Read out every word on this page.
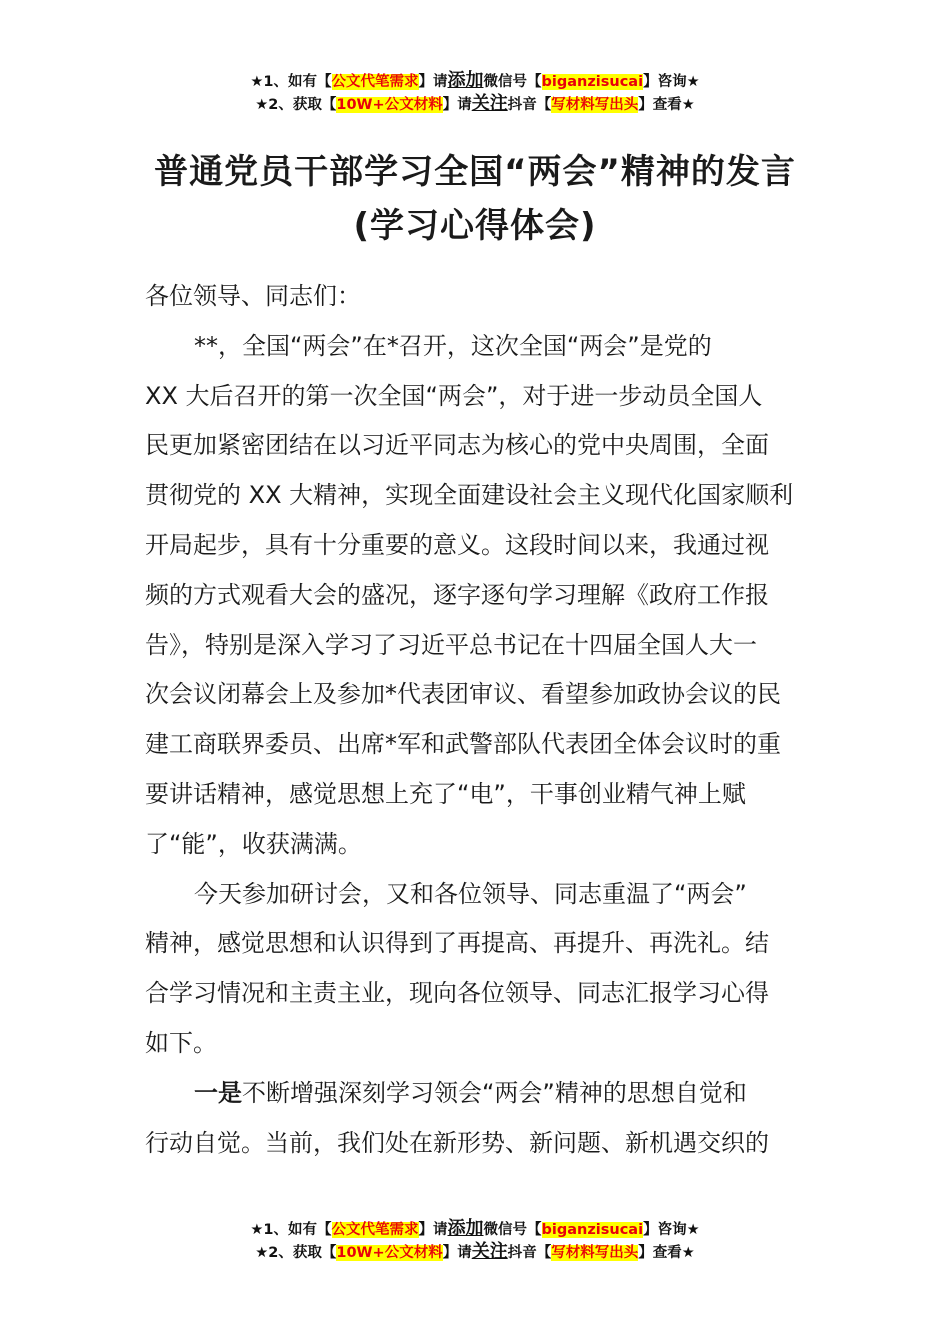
★1、如有【公文代笔需求】请添加微信号【biganzisucai】咨询★
★2、获取【10W+公文材料】请关注抖音【写材料写出头】查看★
普通党员干部学习全国“两会”精神的发言
(学习心得体会)
各位领导、同志们：
**，全国“两会”在*召开，这次全国“两会”是党的
XX 大后召开的第一次全国“两会”，对于进一步动员全国人
民更加紧密团结在以习近平同志为核心的党中央周围，全面
贯彻党的 XX 大精神，实现全面建设社会主义现代化国家顺利
开局起步，具有十分重要的意义。这段时间以来，我通过视
频的方式观看大会的盛况，逐字逐句学习理解《政府工作报
告》，特别是深入学习了习近平总书记在十四届全国人大一
次会议闭幕会上及参加*代表团审议、看望参加政协会议的民
建工商联界委员、出席*军和武警部队代表团全体会议时的重
要讲话精神，感觉思想上充了“电”，干事创业精气神上赋
了“能”，收获满满。
今天参加研讨会，又和各位领导、同志重温了“两会”
精神，感觉思想和认识得到了再提高、再提升、再洗礼。结
合学习情况和主责主业，现向各位领导、同志汇报学习心得
如下。
一是不断增强深刻学习领会“两会”精神的思想自觉和
行动自觉。当前，我们处在新形势、新问题、新机遇交织的
★1、如有【公文代笔需求】请添加微信号【biganzisucai】咨询★
★2、获取【10W+公文材料】请关注抖音【写材料写出头】查看★
